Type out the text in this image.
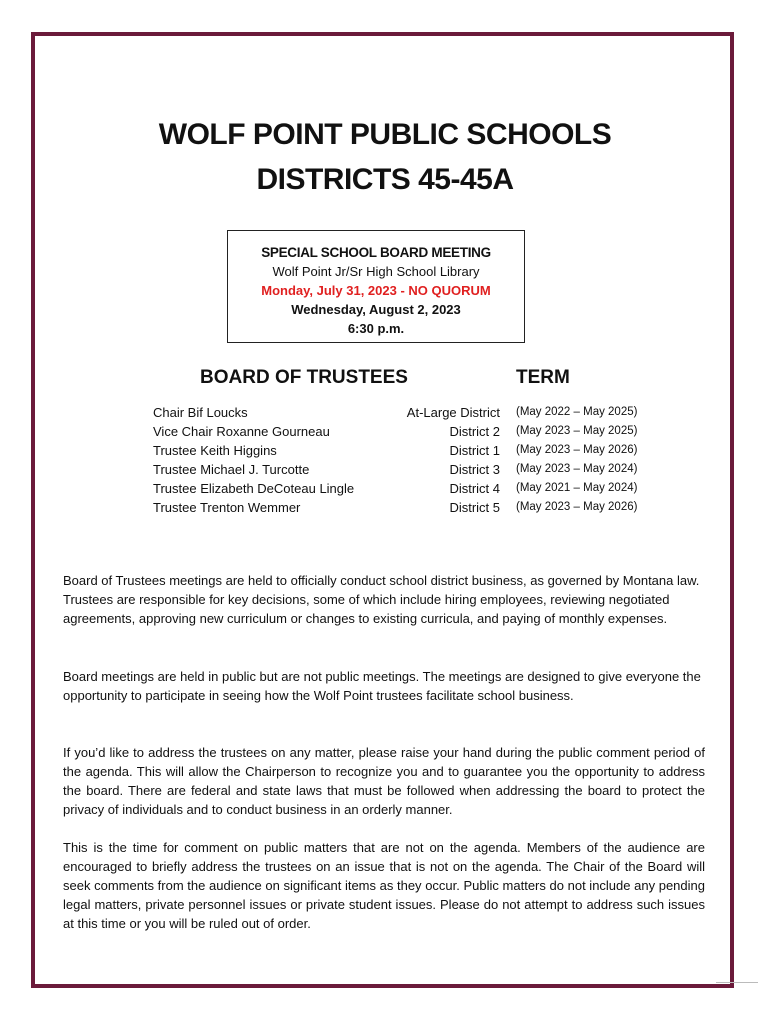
WOLF POINT PUBLIC SCHOOLS
DISTRICTS 45-45A
SPECIAL SCHOOL BOARD MEETING
Wolf Point Jr/Sr High School Library
Monday, July 31, 2023 - NO QUORUM
Wednesday, August 2, 2023
6:30 p.m.
BOARD OF TRUSTEES	TERM
Chair Bif Loucks	At-Large District (May 2022 – May 2025)
Vice Chair Roxanne Gourneau	District 2 (May 2023 – May 2025)
Trustee Keith Higgins	District 1 (May 2023 – May 2026)
Trustee Michael J. Turcotte	District 3 (May 2023 – May 2024)
Trustee Elizabeth DeCoteau Lingle	District 4 (May 2021 – May 2024)
Trustee Trenton Wemmer	District 5 (May 2023 – May 2026)

Board of Trustees meetings are held to officially conduct school district business, as governed by Montana law. Trustees are responsible for key decisions, some of which include hiring employees, reviewing negotiated agreements, approving new curriculum or changes to existing curricula, and paying of monthly expenses.

Board meetings are held in public but are not public meetings. The meetings are designed to give everyone the opportunity to participate in seeing how the Wolf Point trustees facilitate school business.

If you’d like to address the trustees on any matter, please raise your hand during the public comment period of the agenda. This will allow the Chairperson to recognize you and to guarantee you the opportunity to address the board. There are federal and state laws that must be followed when addressing the board to protect the privacy of individuals and to conduct business in an orderly manner.

This is the time for comment on public matters that are not on the agenda. Members of the audience are encouraged to briefly address the trustees on an issue that is not on the agenda. The Chair of the Board will seek comments from the audience on significant items as they occur. Public matters do not include any pending legal matters, private personnel issues or private student issues. Please do not attempt to address such issues at this time or you will be ruled out of order.
